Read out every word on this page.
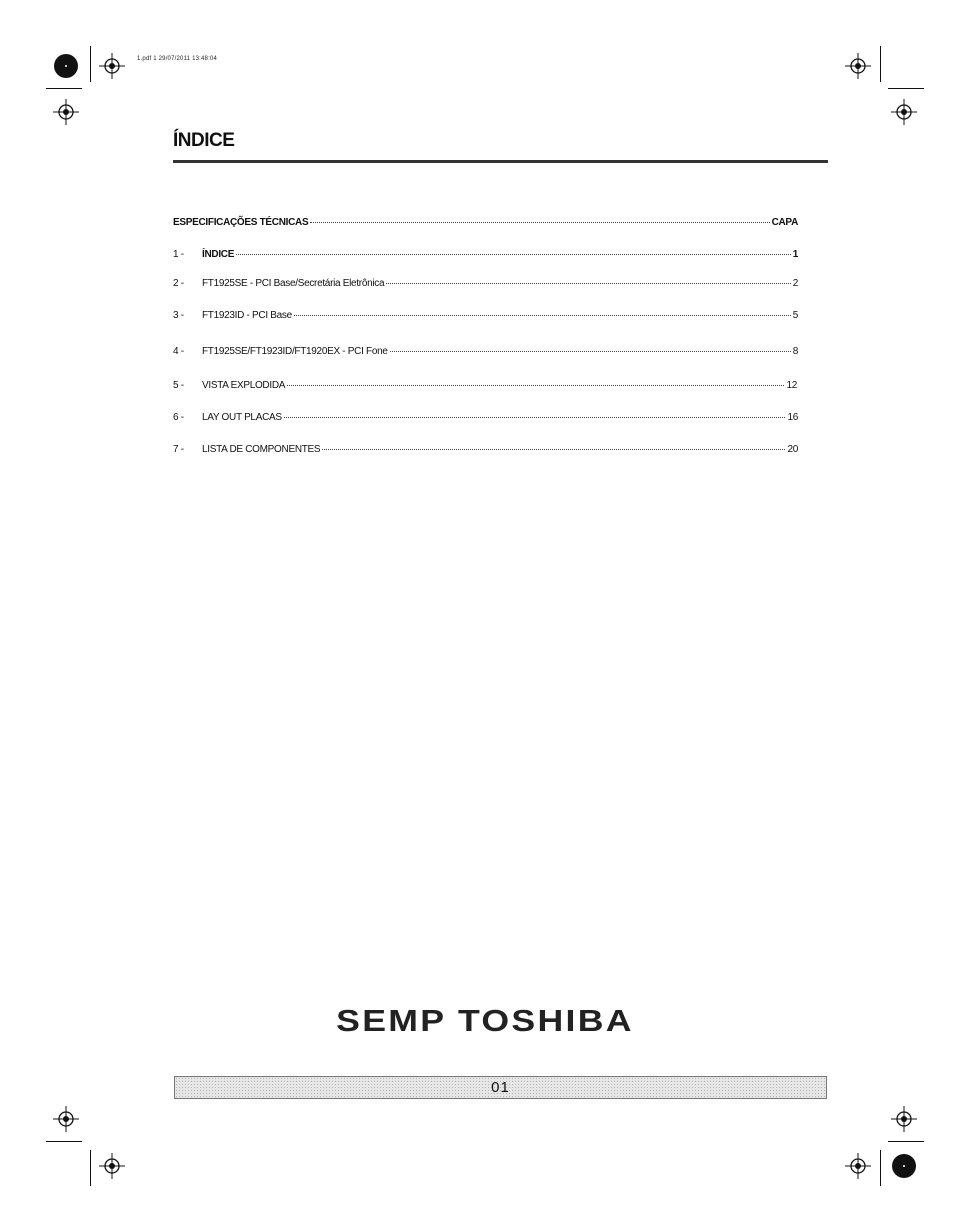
1.pdf 1 29/07/2011 13:48:04
ÍNDICE
ESPECIFICAÇÕES TÉCNICAS	CAPA
1 -	ÍNDICE	1
2 -	FT1925SE - PCI Base/Secretária Eletrônica	2
3 -	FT1923ID - PCI Base	5
4 -	FT1925SE/FT1923ID/FT1920EX - PCI Fone	8
5 -	VISTA EXPLODIDA	12
6 -	LAY OUT PLACAS	16
7 -	LISTA DE COMPONENTES	20
SEMP TOSHIBA
01
